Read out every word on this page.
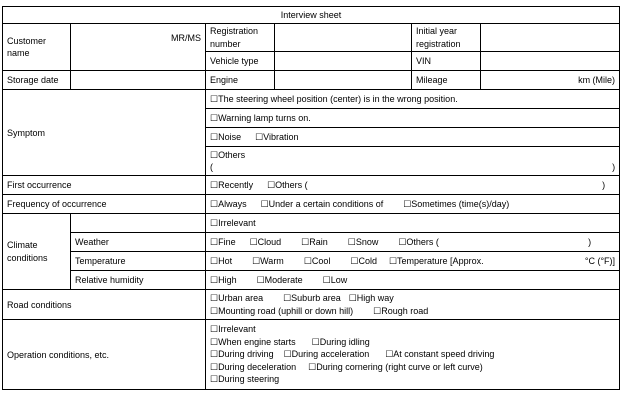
Interview sheet					
Customer name	MR/MS	Registration number		Initial year registration	
		Vehicle type		VIN	
Storage date		Engine		Mileage	km (Mile)
Symptom		☐The steering wheel position (center) is in the wrong position.			
		☐Warning lamp turns on.			
		☐Noise ☐Vibration			

		☐Others
( )			

First occurrence		☐Recently ☐Others ( )			

Frequency of occurrence		☐Always ☐Under a certain conditions of ☐Sometimes (time(s)/day)			
Climate conditions		☐Irrelevant			
	Weather	☐Fine ☐Cloud ☐Rain ☐Snow ☐Others ( )			

	Temperature	☐Hot ☐Warm ☐Cool ☐Cold ☐Temperature [Approx. °C (°F)]			

	Relative humidity	☐High ☐Moderate ☐Low			
Road conditions		☐Urban area ☐Suburb area ☐High way
☐Mounting road (uphill or down hill) ☐Rough road			

Operation conditions, etc.		☐Irrelevant
☐When engine starts ☐During idling
☐During driving ☐During acceleration ☐At constant speed driving
☐During deceleration ☐During cornering (right curve or left curve)
☐During steering			
